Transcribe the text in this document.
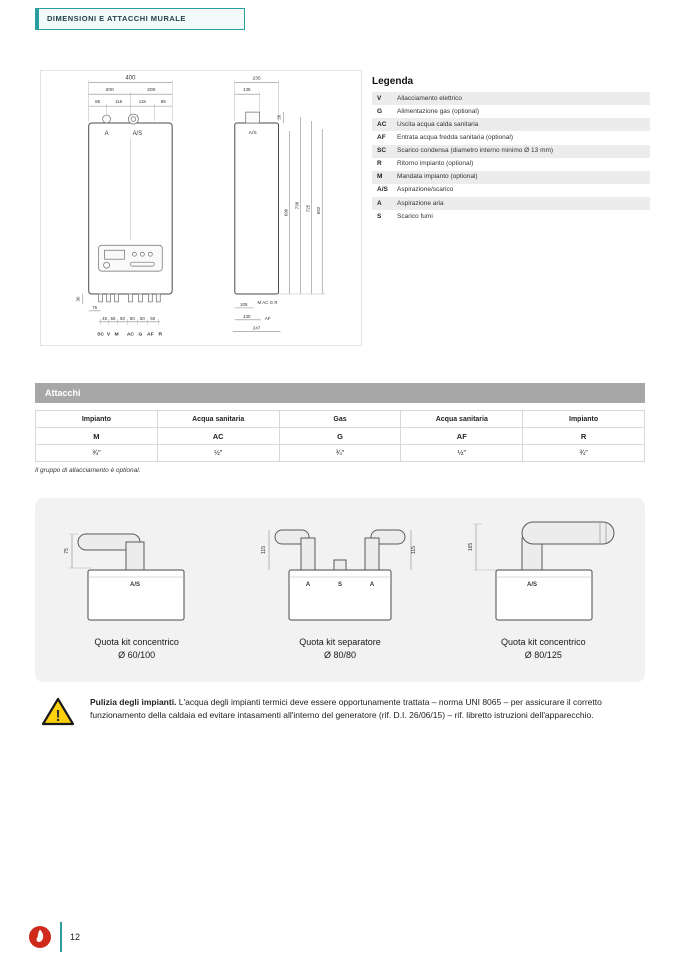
DIMENSIONI E ATTACCHI MURALE
400
200	200
85	115	115	85
A	A/S
30
75
45 55 50 50 50 50
SC V M AC G AF R
235
135
20
A/S
690
738 725 692
105 M AC G R
130	AF
247
Legenda
V	Allacciamento elettrico
G	Alimentazione gas (optional)
AC	Uscita acqua calda sanitaria
AF	Entrata acqua fredda sanitaria (optional)
SC	Scarico condensa (diametro interno minimo Ø 13 mm)
R	Ritorno impianto (optional)
M	Mandata impianto (optional)
A/S	Aspirazione/scarico
A	Aspirazione aria
S	Scarico fumi
Attacchi
Impianto	Acqua sanitaria	Gas	Acqua sanitaria	Impianto
M	AC	G	AF	R
¾"	½"	¾"	½"	¾"
Il gruppo di allacciamento è optional.
75
A/S
Quota kit concentrico
Ø 60/100
115	115
A	S	A
Quota kit separatore
Ø 80/80
165
A/S
Quota kit concentrico
Ø 80/125
!
Pulizia degli impianti. L'acqua degli impianti termici deve essere opportunamente trattata – norma UNI 8065 – per assicurare il corretto funzionamento della caldaia ed evitare intasamenti all'interno del generatore (rif. D.I. 26/06/15) – rif. libretto istruzioni dell'apparecchio.
12
